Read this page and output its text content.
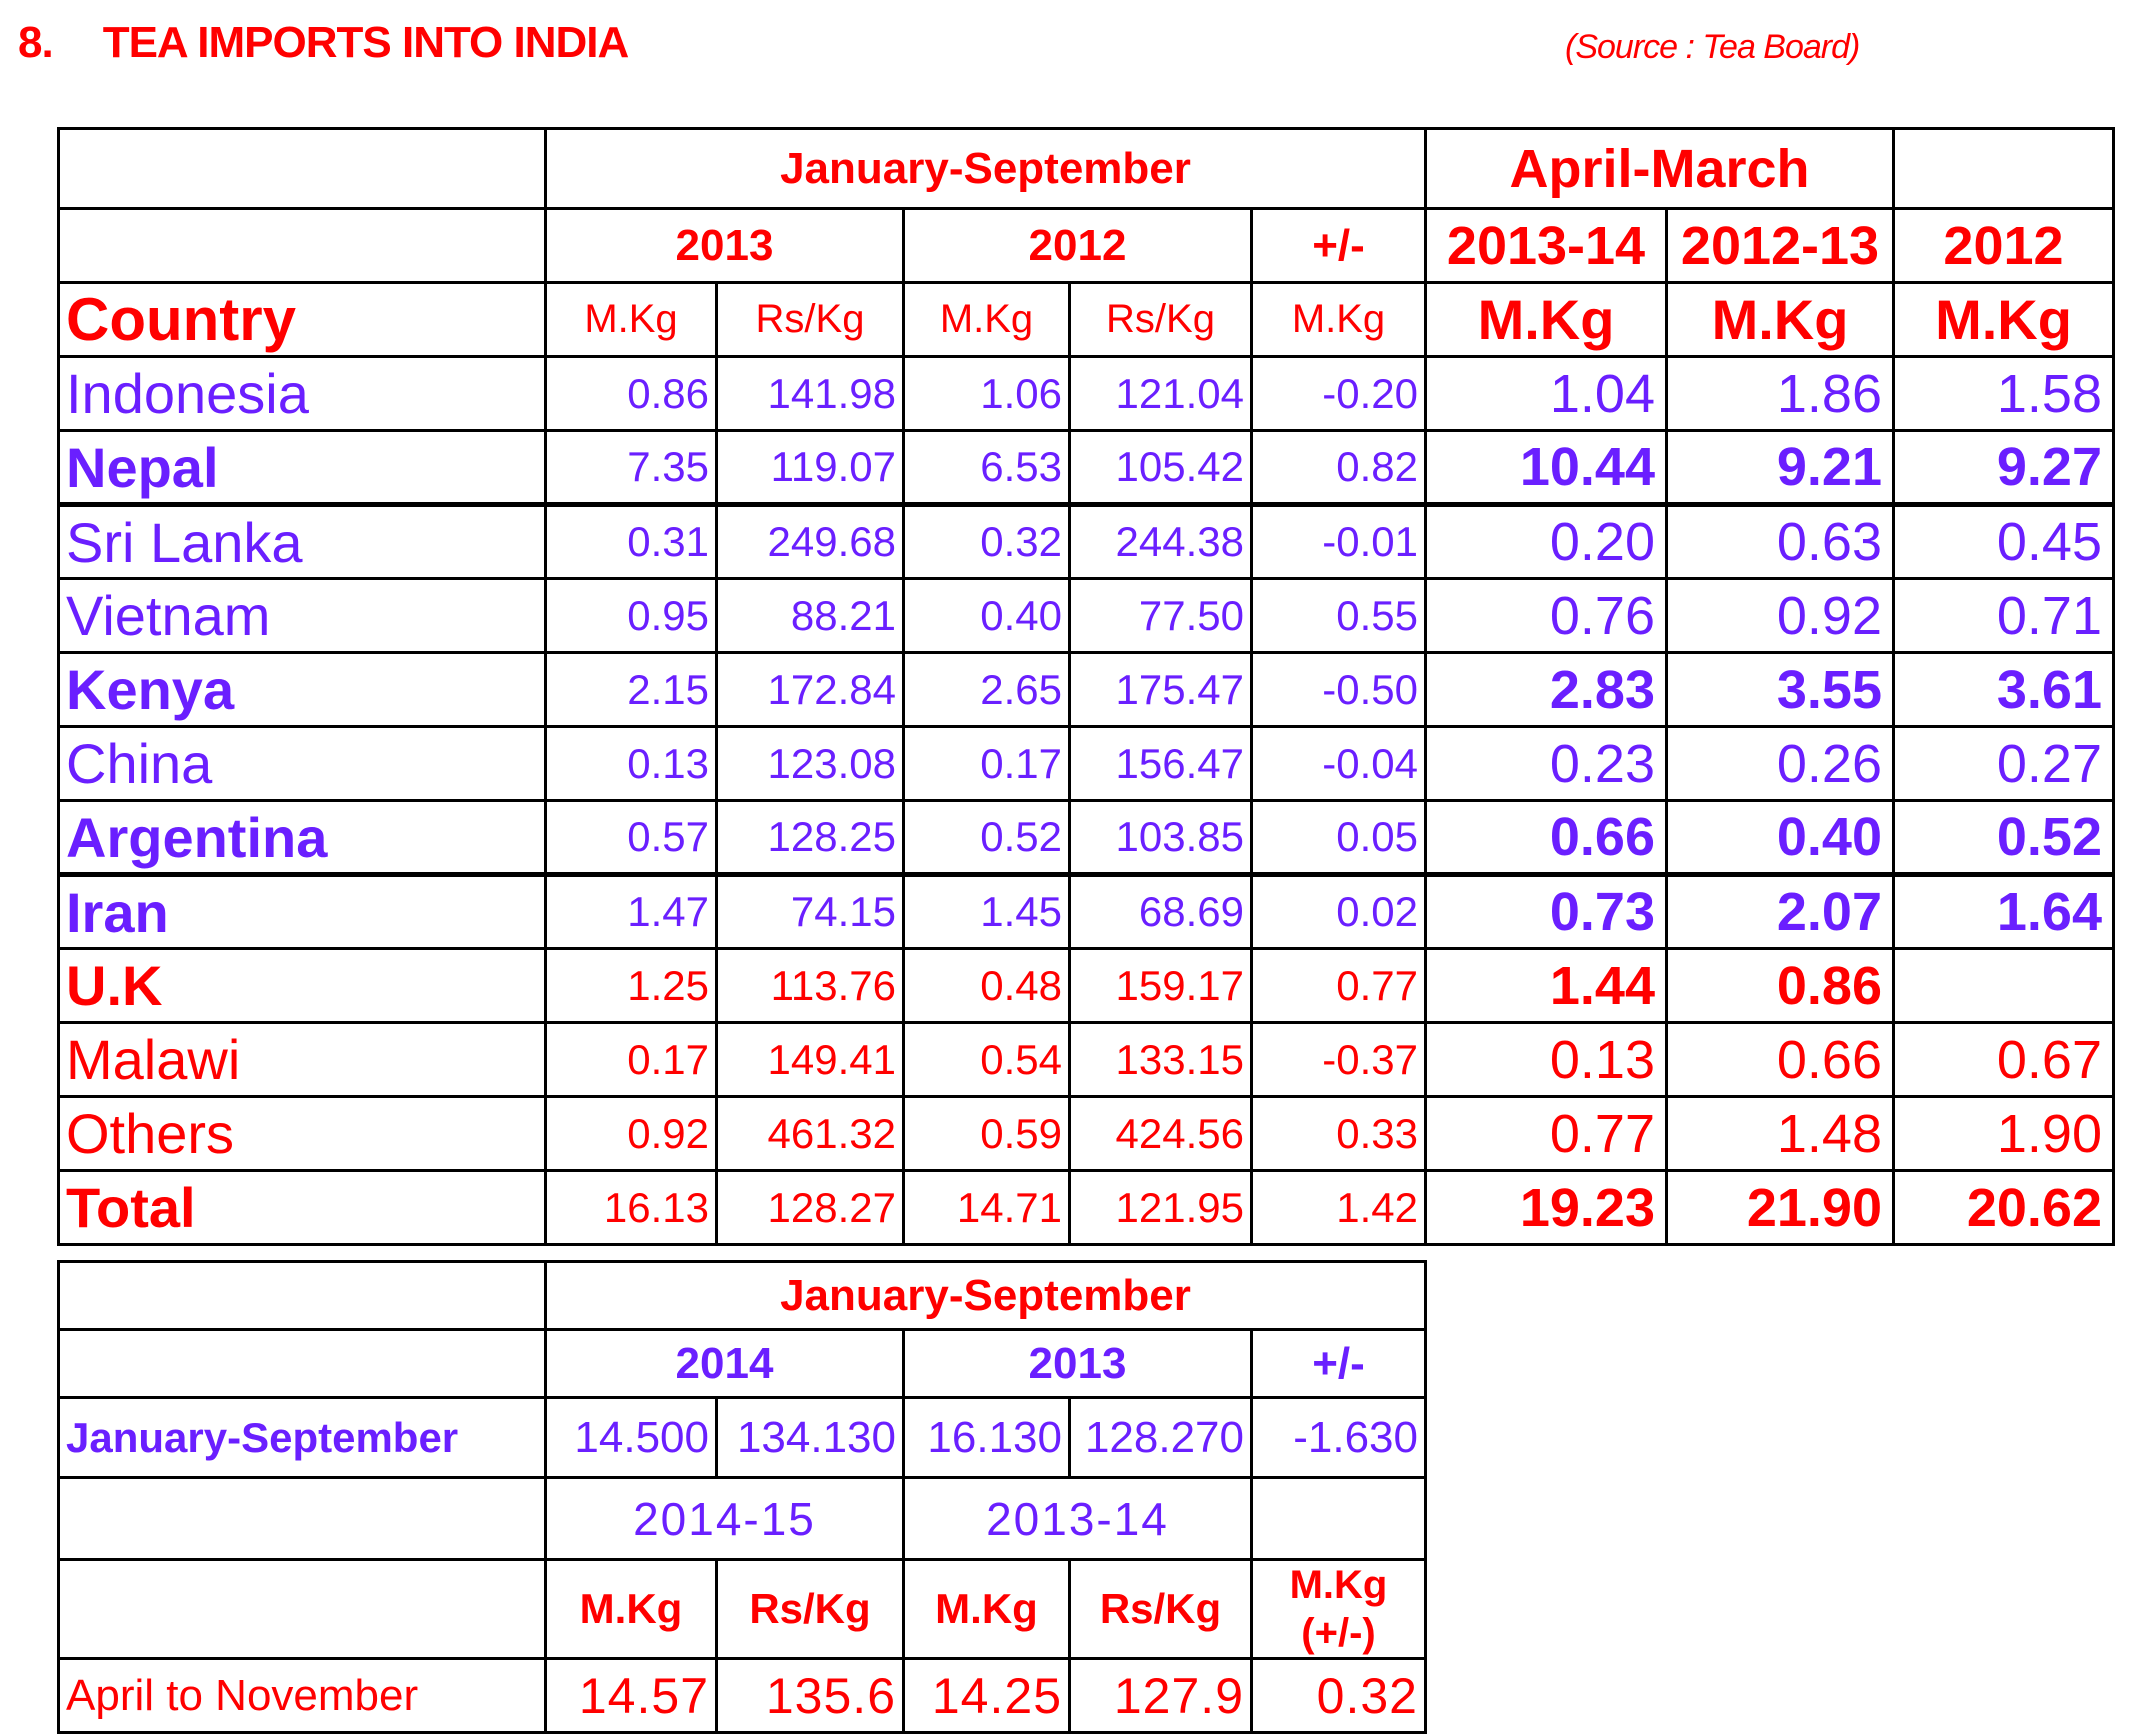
8. TEA IMPORTS INTO INDIA	(Source : Tea Board)
	January-September					April-March		
	2013		2012		+/-	2013-14	2012-13	2012
Country	M.Kg	Rs/Kg	M.Kg	Rs/Kg	M.Kg	M.Kg	M.Kg	M.Kg
Indonesia	0.86	141.98	1.06	121.04	-0.20	1.04	1.86	1.58
Nepal	7.35	119.07	6.53	105.42	0.82	10.44	9.21	9.27
Sri Lanka	0.31	249.68	0.32	244.38	-0.01	0.20	0.63	0.45
Vietnam	0.95	88.21	0.40	77.50	0.55	0.76	0.92	0.71
Kenya	2.15	172.84	2.65	175.47	-0.50	2.83	3.55	3.61
China	0.13	123.08	0.17	156.47	-0.04	0.23	0.26	0.27
Argentina	0.57	128.25	0.52	103.85	0.05	0.66	0.40	0.52
Iran	1.47	74.15	1.45	68.69	0.02	0.73	2.07	1.64
U.K	1.25	113.76	0.48	159.17	0.77	1.44	0.86	
Malawi	0.17	149.41	0.54	133.15	-0.37	0.13	0.66	0.67
Others	0.92	461.32	0.59	424.56	0.33	0.77	1.48	1.90
Total	16.13	128.27	14.71	121.95	1.42	19.23	21.90	20.62
	January-September				
	2014		2013		+/-
January-September	14.500	134.130	16.130	128.270	-1.630
	2014-15		2013-14		
	M.Kg	Rs/Kg	M.Kg	Rs/Kg	M.Kg
(+/-)
April to November	14.57	135.6	14.25	127.9	0.32
